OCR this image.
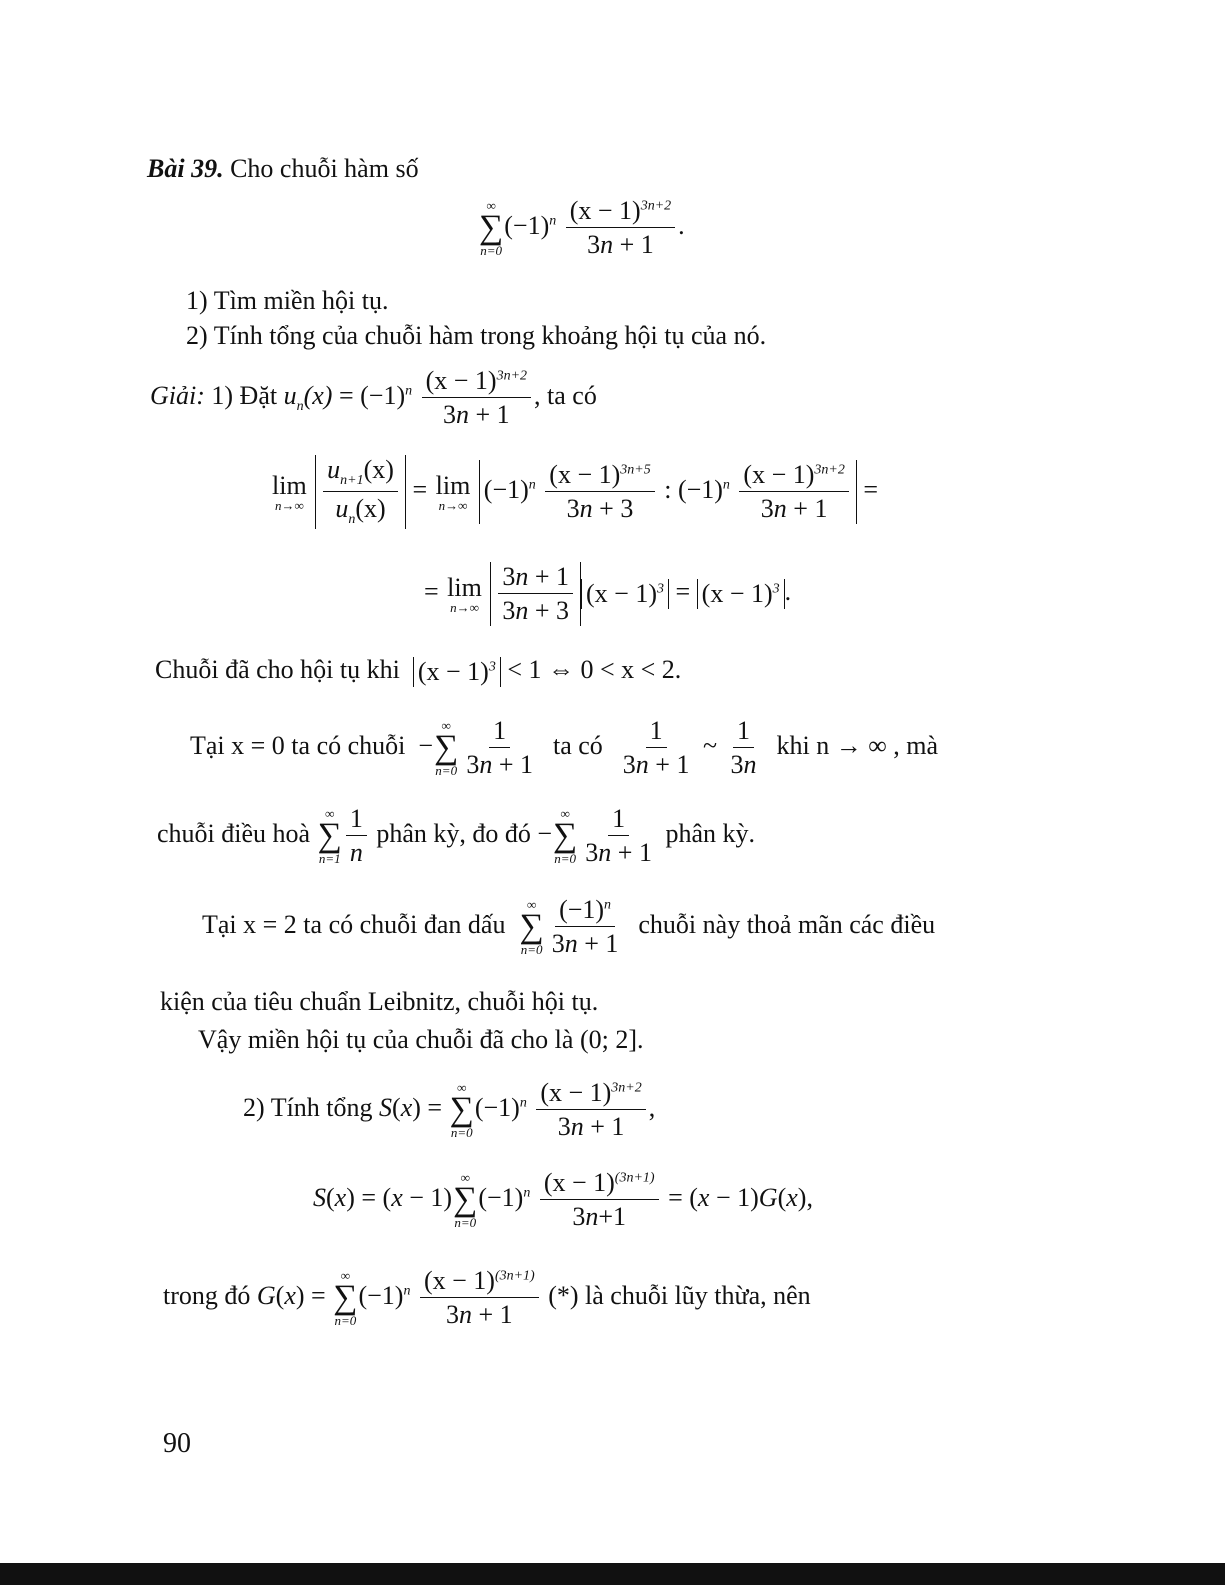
Bài 39. Cho chuỗi hàm số
∞
∑
n=0
$(-1)^n \frac{(x - 1)^{3n+2}}{3n + 1}$ .
1) Tìm miền hội tụ.
2) Tính tổng của chuỗi hàm trong khoảng hội tụ của nó.
Giải: 1) Đặt $u_n(x) = (-1)^n \frac{(x - 1)^{3n+2}}{3n + 1}$ , ta có
lim
n→∞
$\frac{u_{n+1}(x)}{u_n(x)} = \lim$
n→∞
$(-1)^n \frac{(x - 1)^{3n+5}}{3n + 3}$ : $(-1)^n \frac{(x - 1)^{3n+2}}{3n + 1}$ =
= lim
n→∞
$\frac{3n + 1}{3n + 3} (x - 1)^3 = (x - 1)^3$ .
Chuỗi đã cho hội tụ khi $(x - 1)^3 < 1$ ⇔ 0 < x < 2.
Tại x = 0 ta có chuỗi  −
∞
∑
$n=0 \frac{1}{3n + 1}$ ta có $\frac{1}{3n + 1}$ ~ $\frac{1}{3n}$ khi n → ∞ , mà
chuỗi điều hoà
∞
∑
$n=1 \frac{1}{n}$ phân kỳ, đo đó −
∞
∑
$n=0 \frac{1}{3n + 1}$ phân kỳ.
Tại x = 2 ta có chuỗi đan dấu
∞
∑
$n=0 \frac{(-1)^n}{3n + 1}$ chuỗi này thoả mãn các điều
kiện của tiêu chuẩn Leibnitz, chuỗi hội tụ.
Vậy miền hội tụ của chuỗi đã cho là (0; 2].
2) Tính tổng S(x) =
∞
∑
n=0
$(-1)^n \frac{(x - 1)^{3n+2}}{3n + 1}$ ,
S(x) = (x − 1)
∞
∑
n=0
$(-1)^n \frac{(x - 1)^{(3n+1)}}{3n+1} = (x - 1)G(x)$,
trong đó G(x) =
∞
∑
n=0
$(-1)^n \frac{(x - 1)^{(3n+1)}}{3n + 1}$ (*) là chuỗi lũy thừa, nên
90
